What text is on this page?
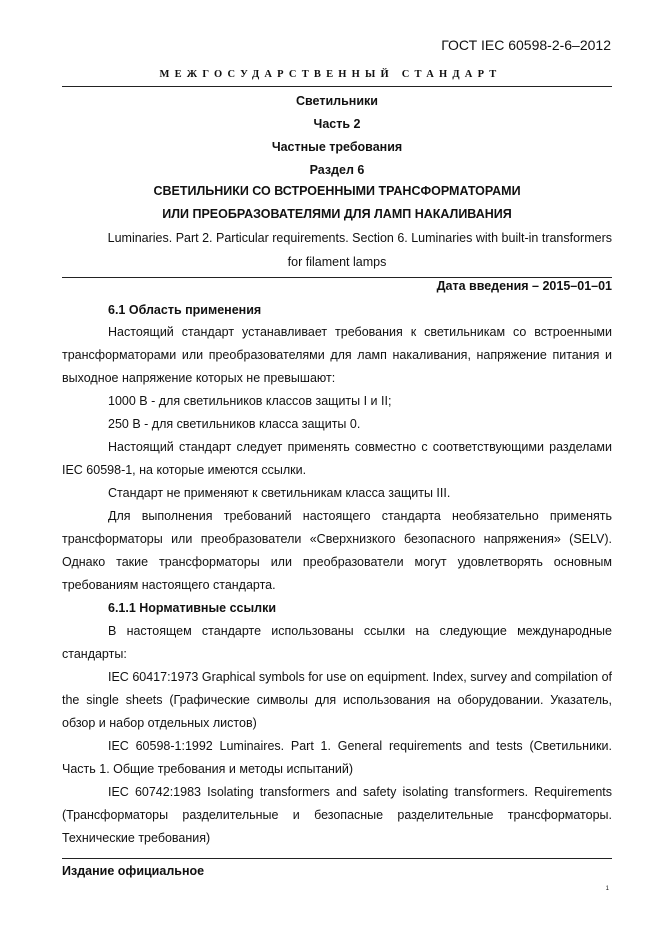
ГОСТ IEC 60598-2-6–2012
МЕЖГОСУДАРСТВЕННЫЙ СТАНДАРТ
Светильники
Часть 2
Частные требования
Раздел 6
СВЕТИЛЬНИКИ СО ВСТРОЕННЫМИ ТРАНСФОРМАТОРАМИ
ИЛИ ПРЕОБРАЗОВАТЕЛЯМИ ДЛЯ ЛАМП НАКАЛИВАНИЯ
Luminaries. Part 2. Particular requirements. Section 6. Luminaries with built-in transformers
for filament lamps
Дата введения – 2015–01–01
6.1 Область применения
Настоящий стандарт устанавливает требования к светильникам со встроенными трансформаторами или преобразователями для ламп накаливания, напряжение питания и выходное напряжение которых не превышают:
1000 В - для светильников классов защиты I и II;
250 В - для светильников класса защиты 0.
Настоящий стандарт следует применять совместно с соответствующими разделами IEC 60598-1, на которые имеются ссылки.
Стандарт не применяют к светильникам класса защиты III.
Для выполнения требований настоящего стандарта необязательно применять трансформаторы или преобразователи «Сверхнизкого безопасного напряжения» (SELV). Однако такие трансформаторы или преобразователи могут удовлетворять основным требованиям настоящего стандарта.
6.1.1 Нормативные ссылки
В настоящем стандарте использованы ссылки на следующие международные стандарты:
IEC 60417:1973 Graphical symbols for use on equipment. Index, survey and compilation of the single sheets (Графические символы для использования на оборудовании. Указатель, обзор и набор отдельных листов)
IEC 60598-1:1992 Luminaires. Part 1. General requirements and tests (Светильники. Часть 1. Общие требования и методы испытаний)
IEC 60742:1983 Isolating transformers and safety isolating transformers. Requirements (Трансформаторы разделительные и безопасные разделительные трансформаторы. Технические требования)
Издание официальное
1
